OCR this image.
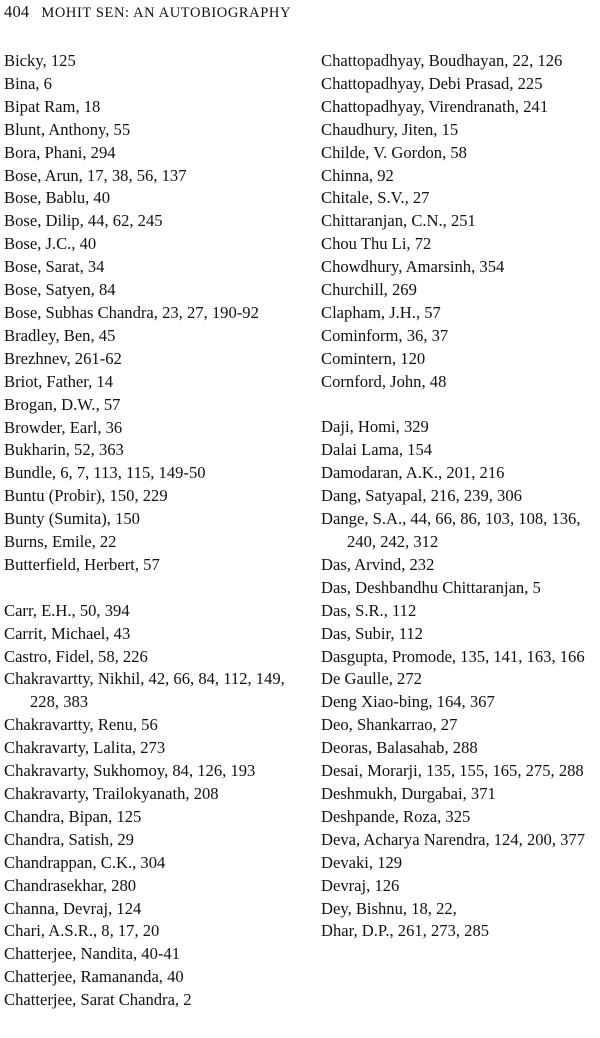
404 MOHIT SEN: AN AUTOBIOGRAPHY
Bicky, 125
Bina, 6
Bipat Ram, 18
Blunt, Anthony, 55
Bora, Phani, 294
Bose, Arun, 17, 38, 56, 137
Bose, Bablu, 40
Bose, Dilip, 44, 62, 245
Bose, J.C., 40
Bose, Sarat, 34
Bose, Satyen, 84
Bose, Subhas Chandra, 23, 27, 190-92
Bradley, Ben, 45
Brezhnev, 261-62
Briot, Father, 14
Brogan, D.W., 57
Browder, Earl, 36
Bukharin, 52, 363
Bundle, 6, 7, 113, 115, 149-50
Buntu (Probir), 150, 229
Bunty (Sumita), 150
Burns, Emile, 22
Butterfield, Herbert, 57
Carr, E.H., 50, 394
Carrit, Michael, 43
Castro, Fidel, 58, 226
Chakravartty, Nikhil, 42, 66, 84, 112, 149, 228, 383
Chakravartty, Renu, 56
Chakravarty, Lalita, 273
Chakravarty, Sukhomoy, 84, 126, 193
Chakravarty, Trailokyanath, 208
Chandra, Bipan, 125
Chandra, Satish, 29
Chandrappan, C.K., 304
Chandrasekhar, 280
Channa, Devraj, 124
Chari, A.S.R., 8, 17, 20
Chatterjee, Nandita, 40-41
Chatterjee, Ramananda, 40
Chatterjee, Sarat Chandra, 2
Chattopadhyay, Boudhayan, 22, 126
Chattopadhyay, Debi Prasad, 225
Chattopadhyay, Virendranath, 241
Chaudhury, Jiten, 15
Childe, V. Gordon, 58
Chinna, 92
Chitale, S.V., 27
Chittaranjan, C.N., 251
Chou Thu Li, 72
Chowdhury, Amarsinh, 354
Churchill, 269
Clapham, J.H., 57
Cominform, 36, 37
Comintern, 120
Cornford, John, 48
Daji, Homi, 329
Dalai Lama, 154
Damodaran, A.K., 201, 216
Dang, Satyapal, 216, 239, 306
Dange, S.A., 44, 66, 86, 103, 108, 136, 240, 242, 312
Das, Arvind, 232
Das, Deshbandhu Chittaranjan, 5
Das, S.R., 112
Das, Subir, 112
Dasgupta, Promode, 135, 141, 163, 166
De Gaulle, 272
Deng Xiao-bing, 164, 367
Deo, Shankarrao, 27
Deoras, Balasahab, 288
Desai, Morarji, 135, 155, 165, 275, 288
Deshmukh, Durgabai, 371
Deshpande, Roza, 325
Deva, Acharya Narendra, 124, 200, 377
Devaki, 129
Devraj, 126
Dey, Bishnu, 18, 22,
Dhar, D.P., 261, 273, 285
